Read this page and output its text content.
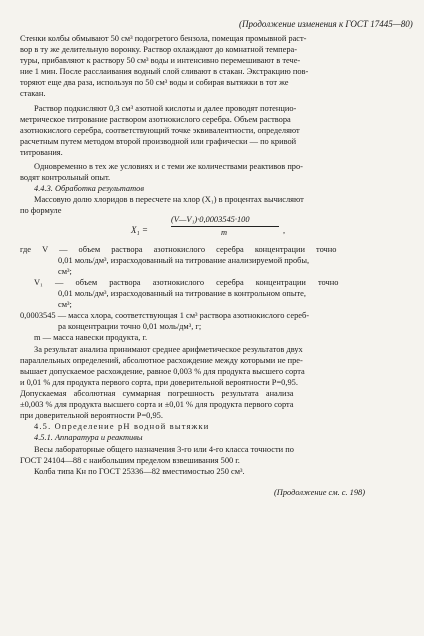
(Продолжение изменения к ГОСТ 17445—80)
Стенки колбы обмывают 50 см³ подогретого бензола, помещая промывной раст-
вор в ту же делительную воронку. Раствор охлаждают до комнатной темпера-
туры, прибавляют к раствору 50 см³ воды и интенсивно перемешивают в тече-
ние 1 мин. После расслаивания водный слой сливают в стакан. Экстракцию пов-
торяют еще два раза, используя по 50 см³ воды и собирая вытяжки в тот же
стакан.
Раствор подкисляют 0,3 см³ азотной кислоты и далее проводят потенцио-
метрическое титрование раствором азотнокислого серебра. Объем раствора
азотнокислого серебра, соответствующий точке эквивалентности, определяют
расчетным путем методом второй производной или графически — по кривой
титрования.
Одновременно в тех же условиях и с теми же количествами реактивов про-
водят контрольный опыт.
4.4.3. Обработка результатов
Массовую долю хлоридов в пересчете на хлор (X₁) в процентах вычисляют
по формуле
X₁ =
(V—V₁)·0,0003545·100
m	,
где V — объем раствора азотнокислого серебра концентрации точно
0,01 моль/дм³, израсходованный на титрование анализируемой пробы,
см³;
V₁ — объем раствора азотнокислого серебра концентрации точно
0,01 моль/дм³, израсходованный на титрование в контрольном опыте,
см³;
0,0003545 — масса хлора, соответствующая 1 см³ раствора азотнокислого сереб-
ра концентрации точно 0,01 моль/дм³, г;
m — масса навески продукта, г.
За результат анализа принимают среднее арифметическое результатов двух
параллельных определений, абсолютное расхождение между которыми не пре-
вышает допускаемое расхождение, равное 0,003 % для продукта высшего сорта
и 0,01 % для продукта первого сорта, при доверительной вероятности P=0,95.
Допускаемая абсолютная суммарная погрешность результата анализа
±0,003 % для продукта высшего сорта и ±0,01 % для продукта первого сорта
при доверительной вероятности P=0,95.
4.5. Определение рН водной вытяжки
4.5.1. Аппаратура и реактивы
Весы лабораторные общего назначения 3-го или 4-го класса точности по
ГОСТ 24104—88 с наибольшим пределом взвешивания 500 г.
Колба типа Кн по ГОСТ 25336—82 вместимостью 250 см³.
(Продолжение см. с. 198)
